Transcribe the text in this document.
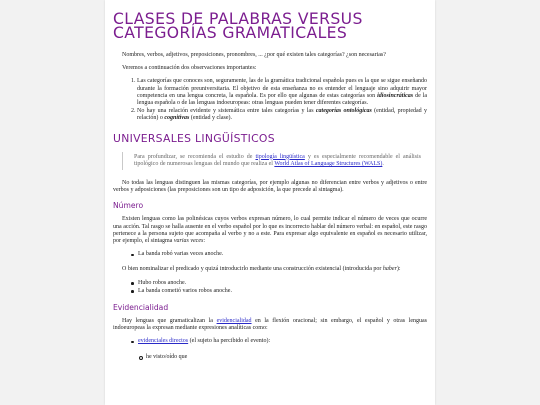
CLASES DE PALABRAS VERSUS CATEGORÍAS GRAMATICALES

Nombres, verbos, adjetivos, preposiciones, pronombres, ... ¿por qué existen tales categorías? ¿son necesarias?

Veremos a continuación dos observaciones importantes:

1. Las categorías que conoces son, seguramente, las de la gramática tradicional española pues es la que se sigue enseñando durante la formación preuniversitaria. El objetivo de esta enseñanza no es entender el lenguaje sino adquirir mayor competencia en una lengua concreta, la española. Es por ello que algunas de estas categorías son idiosincráticas de la lengua española o de las lenguas indoeuropeas: otras lenguas pueden tener diferentes categorías.
2. No hay una relación evidente y sistemática entre tales categorías y las categorías ontológicas (entidad, propiedad y relación) o cognitivas (entidad y clase).
UNIVERSALES LINGÜÍSTICOS

Para profundizar, se recomienda el estudio de tipología lingüística y es especialmente recomendable el análisis tipológico de numerosas lenguas del mundo que realiza el World Atlas of Language Structures (WALS).

No todas las lenguas distinguen las mismas categorías, por ejemplo algunas no diferencian entre verbos y adjetivos o entre verbos y adposiciones (las preposiciones son un tipo de adposición, la que precede al sintagma).

Número

Existen lenguas como las polinésicas cuyos verbos expresan número, lo cual permite indicar el número de veces que ocurre una acción. Tal rasgo se halla ausente en el verbo español por lo que es incorrecto hablar del número verbal: en español, este rasgo pertenece a la persona sujeto que acompaña al verbo y no a este. Para expresar algo equivalente en español es necesario utilizar, por ejemplo, el sintagma varias veces:

La banda robó varias veces anoche.

O bien nominalizar el predicado y quizá introducirlo mediante una construcción existencial (introducida por haber):

Hubo robos anoche.
La banda cometió varios robos anoche.
Evidencialidad

Hay lenguas que gramaticalizan la evidencialidad en la flexión oracional; sin embargo, el español y otras lenguas indoeuropeas la expresan mediante expresiones analíticas como:

evidenciales directos (el sujeto ha percibido el evento):
he visto/oído que
